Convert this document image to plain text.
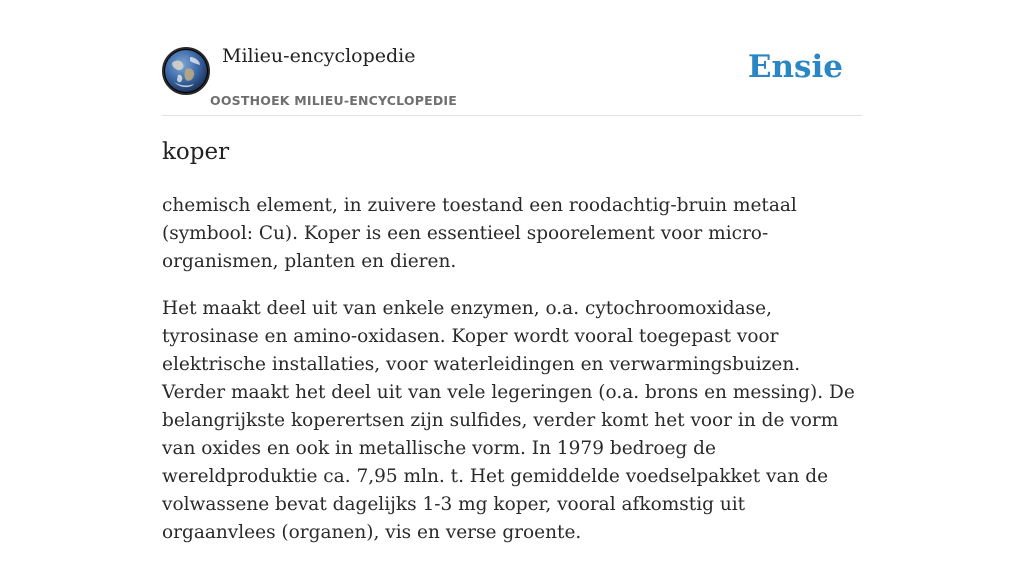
Milieu-encyclopedie
OOSTHOEK MILIEU-ENCYCLOPEDIE
Ensie
koper

chemisch element, in zuivere toestand een roodachtig-bruin metaal (symbool: Cu). Koper is een essentieel spoorelement voor micro-organismen, planten en dieren.

Het maakt deel uit van enkele enzymen, o.a. cytochroomoxidase, tyrosinase en amino-oxidasen. Koper wordt vooral toegepast voor elektrische installaties, voor waterleidingen en verwarmingsbuizen. Verder maakt het deel uit van vele legeringen (o.a. brons en messing). De belangrijkste kopererts​en zijn sulfides, verder komt het voor in de vorm van oxides en ook in metallische vorm. In 1979 bedroeg de wereldproduktie ca. 7,95 mln. t. Het gemiddelde voedselpakket van de volwassene bevat dagelijks 1-3 mg koper, vooral afkomstig uit orgaanvlees (organen), vis en verse groente.
